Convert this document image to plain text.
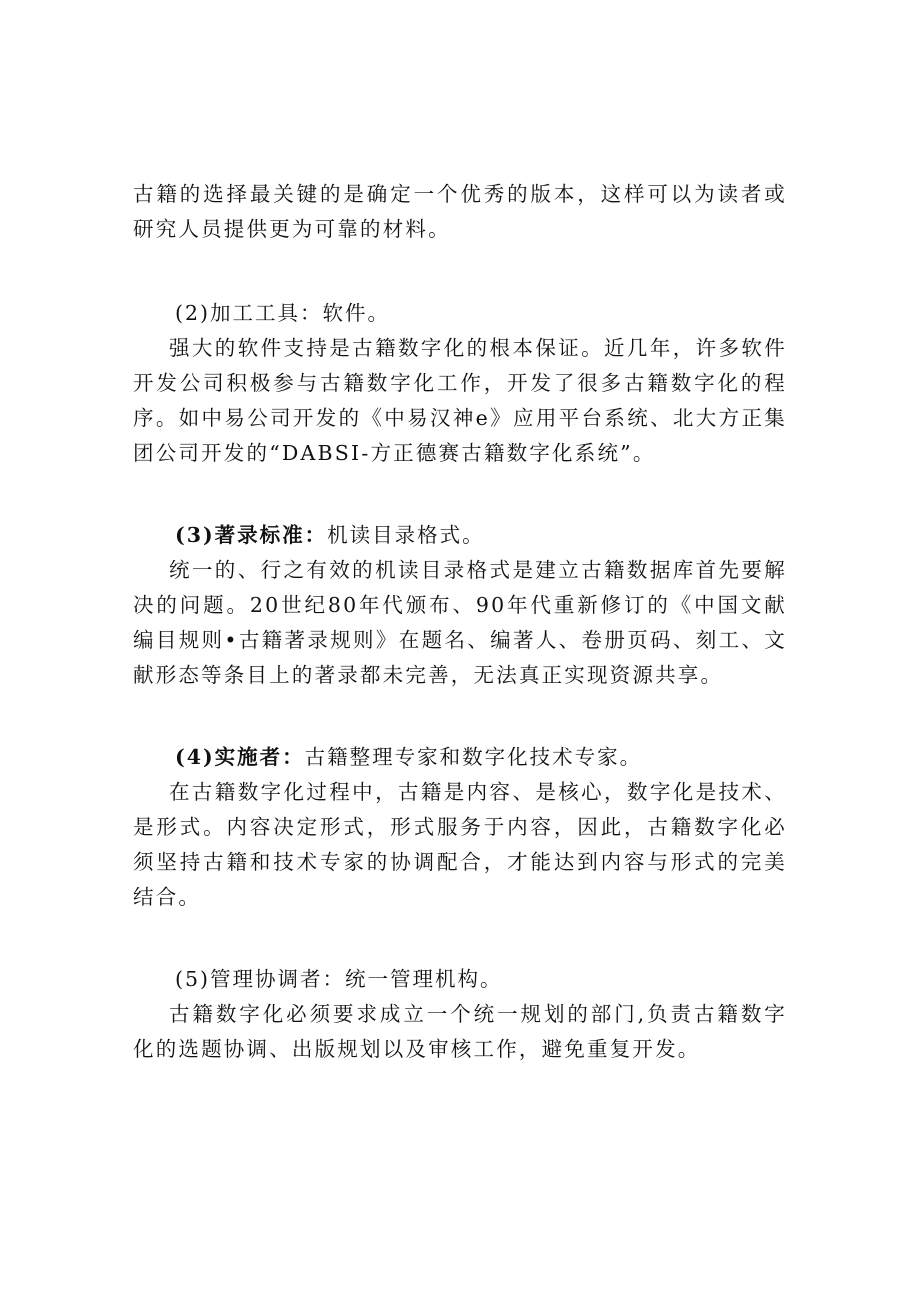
古籍的选择最关键的是确定一个优秀的版本，这样可以为读者或研究人员提供更为可靠的材料。

(2)加工工具：软件。

强大的软件支持是古籍数字化的根本保证。近几年，许多软件开发公司积极参与古籍数字化工作，开发了很多古籍数字化的程序。如中易公司开发的《中易汉神e》应用平台系统、北大方正集团公司开发的“DABSI-方正德赛古籍数字化系统”。

(3)著录标准：机读目录格式。

统一的、行之有效的机读目录格式是建立古籍数据库首先要解决的问题。20世纪80年代颁布、90年代重新修订的《中国文献编目规则•古籍著录规则》在题名、编著人、卷册页码、刻工、文献形态等条目上的著录都未完善，无法真正实现资源共享。

(4)实施者：古籍整理专家和数字化技术专家。

在古籍数字化过程中，古籍是内容、是核心，数字化是技术、是形式。内容决定形式，形式服务于内容，因此，古籍数字化必须坚持古籍和技术专家的协调配合，才能达到内容与形式的完美结合。

(5)管理协调者：统一管理机构。

古籍数字化必须要求成立一个统一规划的部门,负责古籍数字化的选题协调、出版规划以及审核工作，避免重复开发。
